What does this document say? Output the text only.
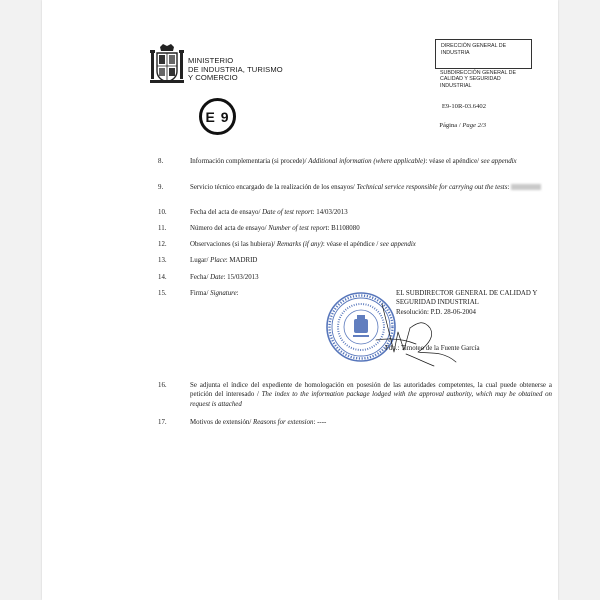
MINISTERIO
DE INDUSTRIA, TURISMO
Y COMERCIO
DIRECCIÓN GENERAL DE
INDUSTRIA
SUBDIRECCIÓN GENERAL DE
CALIDAD Y SEGURIDAD
INDUSTRIAL
E 9
E9-10R-03.6402
Página / Page 2/3
8.	Información complementaria (si procede)/ Additional information (where applicable): véase el apéndice/ see appendix
9.	Servicio técnico encargado de la realización de los ensayos/ Technical service responsible for carrying out the tests:
10.	Fecha del acta de ensayo/ Date of test report: 14/03/2013
11.	Número del acta de ensayo/ Number of test report: B1108080
12.	Observaciones (si las hubiera)/ Remarks (if any): véase el apéndice / see appendix
13.	Lugar/ Place: MADRID
14.	Fecha/ Date: 15/03/2013
15.	Firma/ Signature:	EL SUBDIRECTOR GENERAL DE CALIDAD Y
SEGURIDAD INDUSTRIAL
Resolución: P.D. 28-06-2004
Fdo.: Timoteo de la Fuente García
16.	Se adjunta el índice del expediente de homologación en posesión de las autoridades competentes, la cual puede obtenerse a petición del interesado / The index to the information package lodged with the approval authority, which may be obtained on request is attached
17.	Motivos de extensión/ Reasons for extension: ----
